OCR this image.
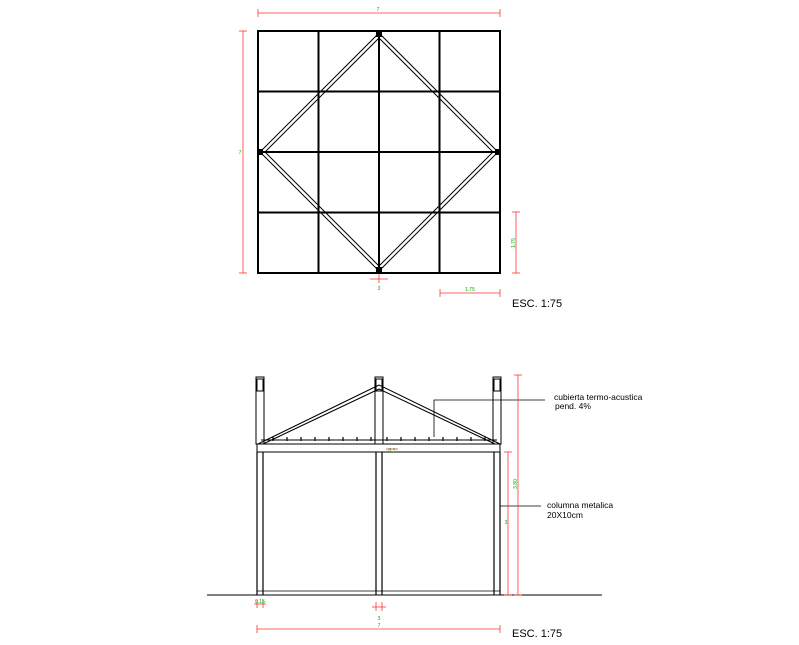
7
7
1.75
3	1.75
ESC. 1:75
cubierta termo-acustica
pend. 4%
columna metalica
20X10cm
0.1
3.80
3
0.15
3
7
ESC. 1:75
